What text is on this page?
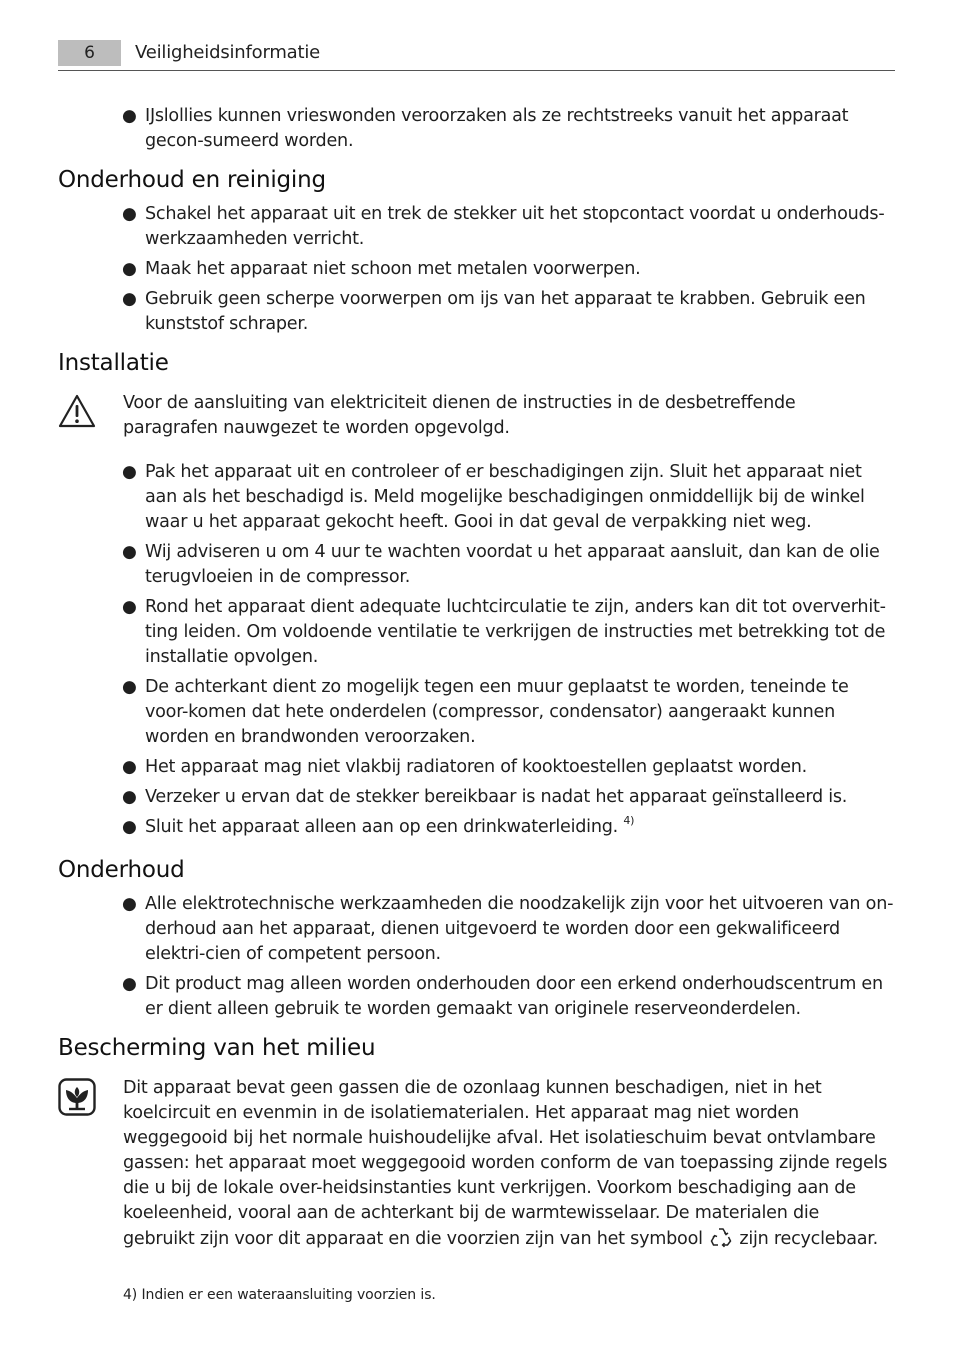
6	Veiligheidsinformatie
● IJslollies kunnen vrieswonden veroorzaken als ze rechtstreeks vanuit het apparaat gecon-sumeerd worden.
Onderhoud en reiniging
● Schakel het apparaat uit en trek de stekker uit het stopcontact voordat u onderhouds-werkzaamheden verricht.
● Maak het apparaat niet schoon met metalen voorwerpen.
● Gebruik geen scherpe voorwerpen om ijs van het apparaat te krabben. Gebruik een kunststof schraper.
Installatie
Voor de aansluiting van elektriciteit dienen de instructies in de desbetreffende paragrafen nauwgezet te worden opgevolgd.
● Pak het apparaat uit en controleer of er beschadigingen zijn. Sluit het apparaat niet aan als het beschadigd is. Meld mogelijke beschadigingen onmiddellijk bij de winkel waar u het apparaat gekocht heeft. Gooi in dat geval de verpakking niet weg.
● Wij adviseren u om 4 uur te wachten voordat u het apparaat aansluit, dan kan de olie terugvloeien in de compressor.
● Rond het apparaat dient adequate luchtcirculatie te zijn, anders kan dit tot oververhit-ting leiden. Om voldoende ventilatie te verkrijgen de instructies met betrekking tot de installatie opvolgen.
● De achterkant dient zo mogelijk tegen een muur geplaatst te worden, teneinde te voor-komen dat hete onderdelen (compressor, condensator) aangeraakt kunnen worden en brandwonden veroorzaken.
● Het apparaat mag niet vlakbij radiatoren of kooktoestellen geplaatst worden.
● Verzeker u ervan dat de stekker bereikbaar is nadat het apparaat geïnstalleerd is.
● Sluit het apparaat alleen aan op een drinkwaterleiding. $^{4)}$
Onderhoud
● Alle elektrotechnische werkzaamheden die noodzakelijk zijn voor het uitvoeren van on-derhoud aan het apparaat, dienen uitgevoerd te worden door een gekwalificeerd elektri-cien of competent persoon.
● Dit product mag alleen worden onderhouden door een erkend onderhoudscentrum en er dient alleen gebruik te worden gemaakt van originele reserveonderdelen.
Bescherming van het milieu
Dit apparaat bevat geen gassen die de ozonlaag kunnen beschadigen, niet in het koelcircuit en evenmin in de isolatiematerialen. Het apparaat mag niet worden weggegooid bij het normale huishoudelijke afval. Het isolatieschuim bevat ontvlambare gassen: het apparaat moet weggegooid worden conform de van toepassing zijnde regels die u bij de lokale over-heidsinstanties kunt verkrijgen. Voorkom beschadiging aan de koeleenheid, vooral aan de achterkant bij de warmtewisselaar. De materialen die gebruikt zijn voor dit apparaat en die voorzien zijn van het symbool zijn recyclebaar.
4) Indien er een wateraansluiting voorzien is.
